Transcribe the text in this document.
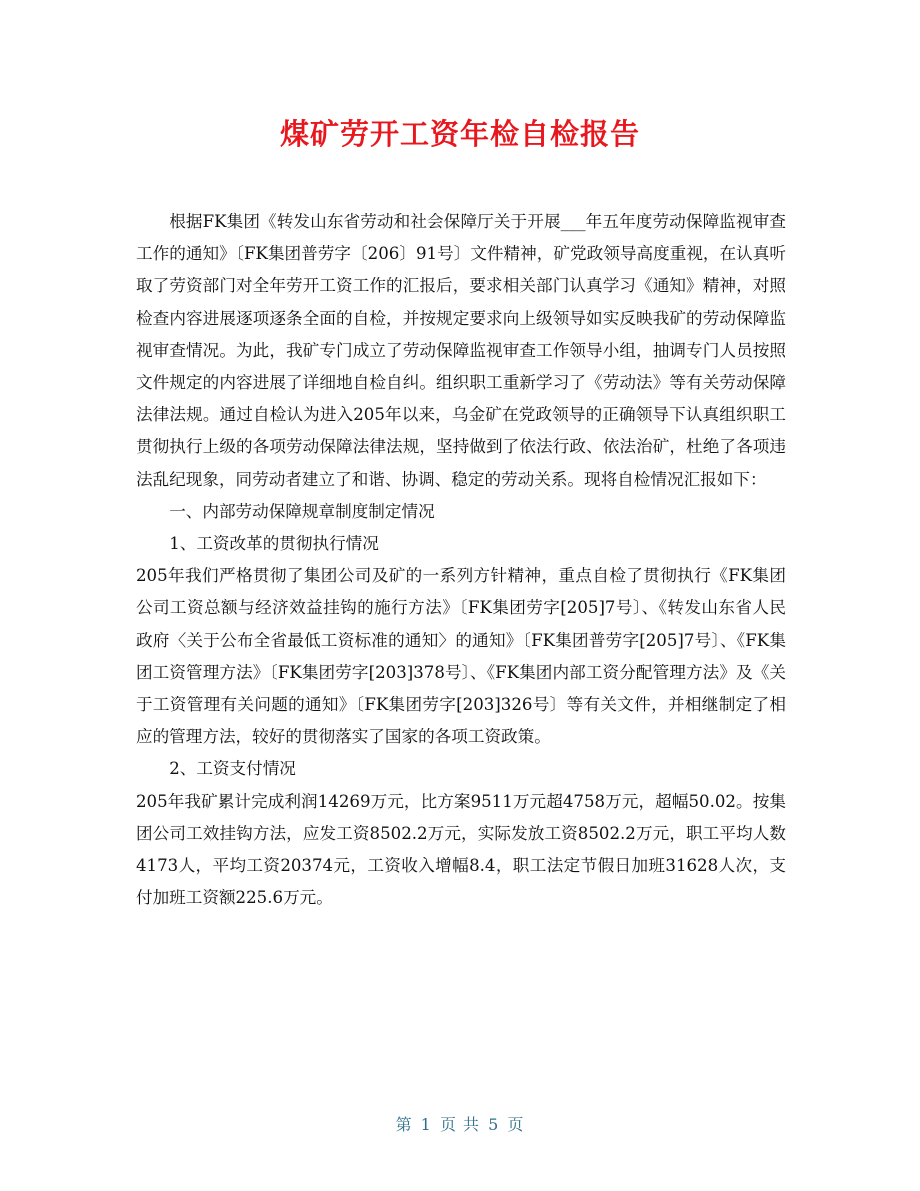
煤矿劳开工资年检自检报告

根据FK集团《转发山东省劳动和社会保障厅关于开展___年五年度劳动保障监视审查工作的通知》〔FK集团普劳字〔206〕91号〕文件精神，矿党政领导高度重视，在认真听取了劳资部门对全年劳开工资工作的汇报后，要求相关部门认真学习《通知》精神，对照检查内容进展逐项逐条全面的自检，并按规定要求向上级领导如实反映我矿的劳动保障监视审查情况。为此，我矿专门成立了劳动保障监视审查工作领导小组，抽调专门人员按照文件规定的内容进展了详细地自检自纠。组织职工重新学习了《劳动法》等有关劳动保障法律法规。通过自检认为进入205年以来，乌金矿在党政领导的正确领导下认真组织职工贯彻执行上级的各项劳动保障法律法规，坚持做到了依法行政、依法治矿，杜绝了各项违法乱纪现象，同劳动者建立了和谐、协调、稳定的劳动关系。现将自检情况汇报如下：

一、内部劳动保障规章制度制定情况

1、工资改革的贯彻执行情况

205年我们严格贯彻了集团公司及矿的一系列方针精神，重点自检了贯彻执行《FK集团公司工资总额与经济效益挂钩的施行方法》〔FK集团劳字[205]7号〕、《转发山东省人民政府〈关于公布全省最低工资标准的通知〉的通知》〔FK集团普劳字[205]7号〕、《FK集团工资管理方法》〔FK集团劳字[203]378号〕、《FK集团内部工资分配管理方法》及《关于工资管理有关问题的通知》〔FK集团劳字[203]326号〕等有关文件，并相继制定了相应的管理方法，较好的贯彻落实了国家的各项工资政策。

2、工资支付情况

205年我矿累计完成利润14269万元，比方案9511万元超4758万元，超幅50.02。按集团公司工效挂钩方法，应发工资8502.2万元，实际发放工资8502.2万元，职工平均人数4173人，平均工资20374元，工资收入增幅8.4，职工法定节假日加班31628人次，支付加班工资额225.6万元。

第 1 页 共 5 页
